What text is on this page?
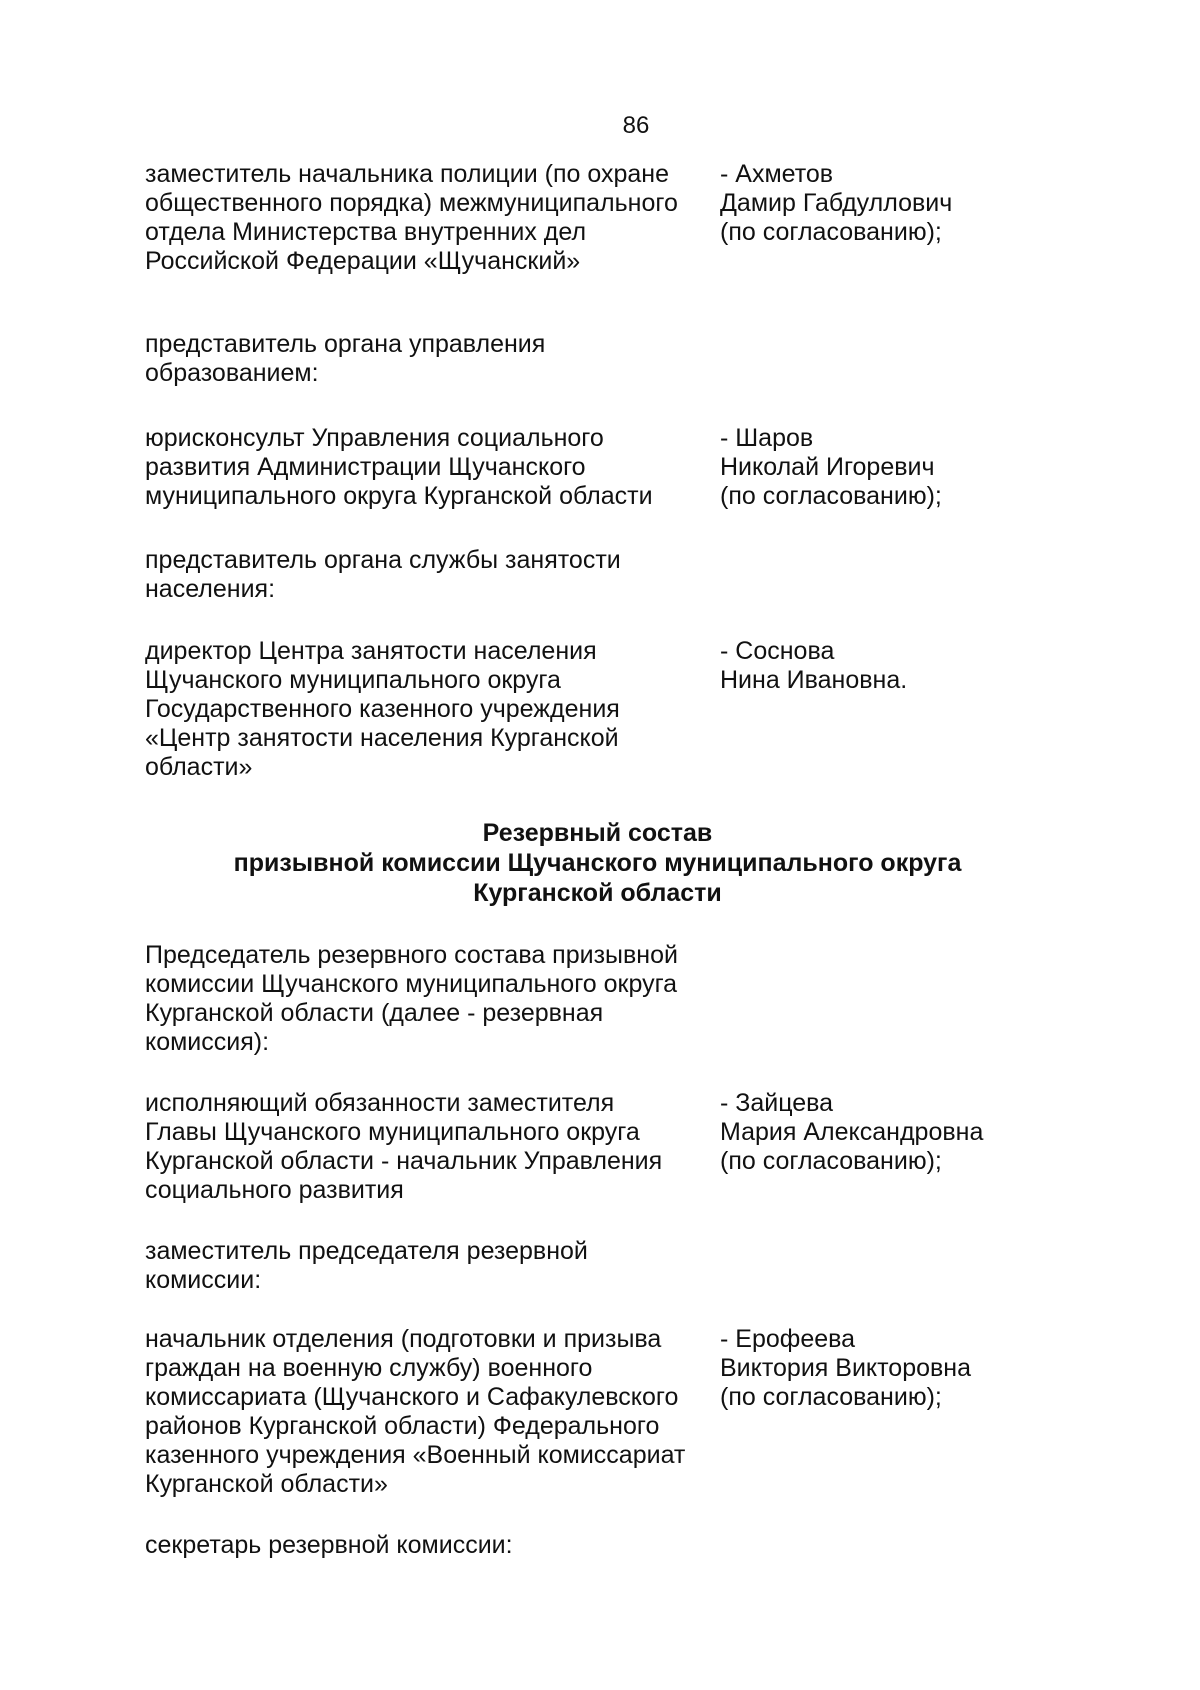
86
заместитель начальника полиции (по охране
общественного порядка) межмуниципального
отдела Министерства внутренних дел
Российской Федерации «Щучанский»
- Ахметов
Дамир Габдуллович
(по согласованию);
представитель органа управления
образованием:
юрисконсульт Управления социального
развития Администрации Щучанского
муниципального округа Курганской области
- Шаров
Николай Игоревич
(по согласованию);
представитель органа службы занятости
населения:
директор Центра занятости населения
Щучанского муниципального округа
Государственного казенного учреждения
«Центр занятости населения Курганской
области»
- Соснова
Нина Ивановна.
Резервный состав
призывной комиссии Щучанского муниципального округа
Курганской области
Председатель резервного состава призывной
комиссии Щучанского муниципального округа
Курганской области (далее - резервная
комиссия):
исполняющий обязанности заместителя
Главы Щучанского муниципального округа
Курганской области - начальник Управления
социального развития
- Зайцева
Мария Александровна
(по согласованию);
заместитель председателя резервной
комиссии:
начальник отделения (подготовки и призыва
граждан на военную службу) военного
комиссариата (Щучанского и Сафакулевского
районов Курганской области) Федерального
казенного учреждения «Военный комиссариат
Курганской области»
- Ерофеева
Виктория Викторовна
(по согласованию);
секретарь резервной комиссии:
